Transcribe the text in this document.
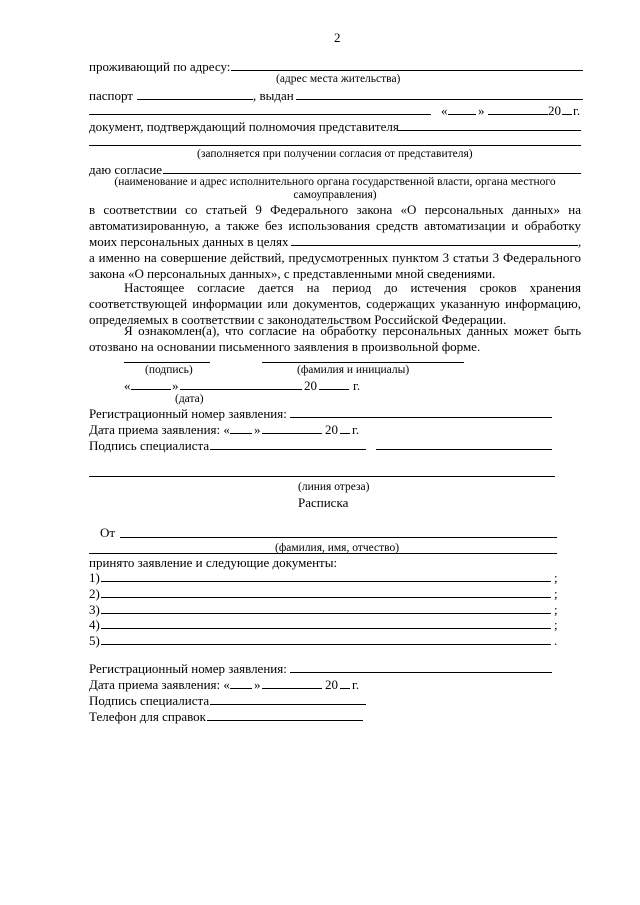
2
проживающий по адресу:
(адрес места жительства)
паспорт	, выдан
« »	20 г.
документ, подтверждающий полномочия представителя
(заполняется при получении согласия от представителя)
даю согласие
(наименование и адрес исполнительного органа государственной власти, органа местного
самоуправления)
в соответствии со статьей 9 Федерального закона «О персональных данных» на
автоматизированную, а также без использования средств автоматизации и обработку
моих персональных данных в целях	,
а именно на совершение действий, предусмотренных пунктом 3 статьи 3 Федерального
закона «О персональных данных», с представленными мной сведениями.
Настоящее согласие дается на период до истечения сроков хранения
соответствующей информации или документов, содержащих указанную информацию,
определяемых в соответствии с законодательством Российской Федерации.
Я ознакомлен(а), что согласие на обработку персональных данных может быть
отозвано на основании письменного заявления в произвольной форме.
(подпись)	(фамилия и инициалы)
«	»	20	г.
(дата)
Регистрационный номер заявления:
Дата приема заявления: « »	20 г.
Подпись специалиста
(линия отреза)
Расписка
От
(фамилия, имя, отчество)
принято заявление и следующие документы:
1)	;
2)	;
3)	;
4)	;
5)	.
Регистрационный номер заявления:
Дата приема заявления: « »	20 г.
Подпись специалиста
Телефон для справок
